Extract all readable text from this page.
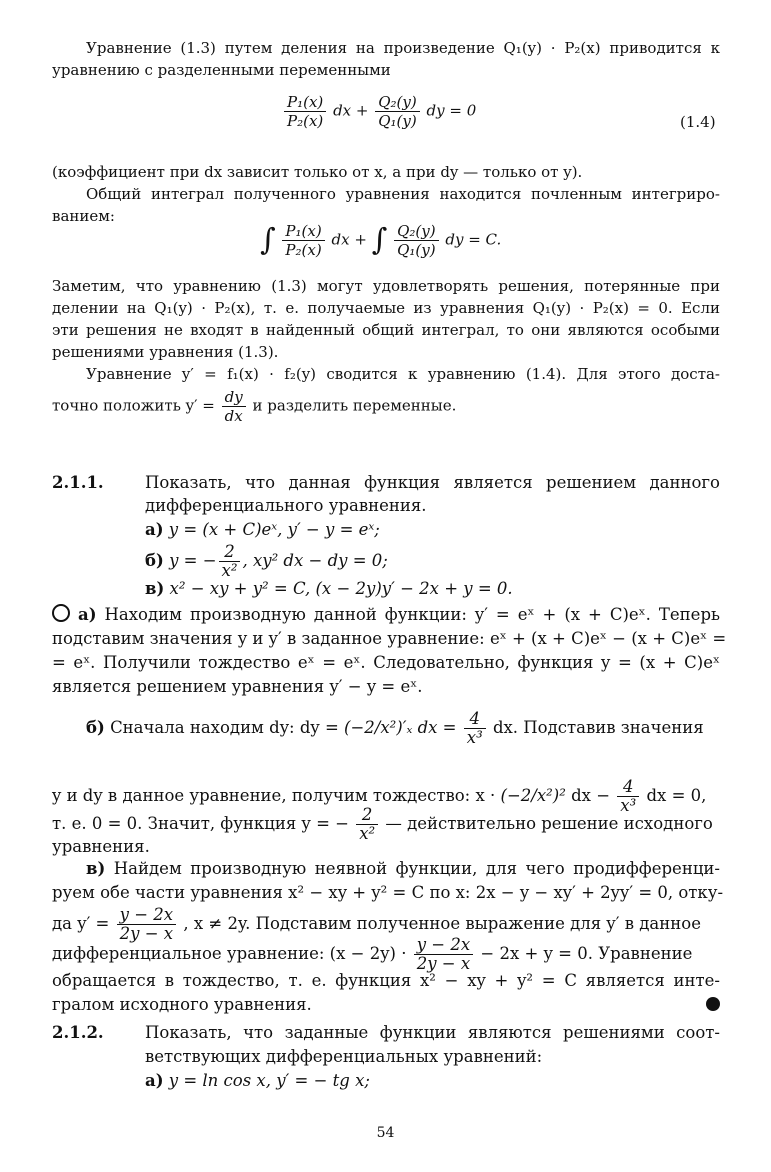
Уравнение (1.3) путем деления на произведение Q₁(y) · P₂(x) приводится к
уравнению с разделенными переменными
$\frac{\text{P₁(x)}}{\text{P₂(x)}}$ dx + $\frac{\text{Q₂(y)}}{\text{Q₁(y)}}$ dy = 0
(1.4)
(коэффициент при dx зависит только от x, а при dy — только от y).
Общий интеграл полученного уравнения находится почленным интегриро-
ванием:
∫ $\frac{\text{P₁(x)}}{\text{P₂(x)}}$ dx + ∫ $\frac{\text{Q₂(y)}}{\text{Q₁(y)}}$ dy = C.
Заметим, что уравнению (1.3) могут удовлетворять решения, потерянные при
делении на Q₁(y) · P₂(x), т. е. получаемые из уравнения Q₁(y) · P₂(x) = 0. Если
эти решения не входят в найденный общий интеграл, то они являются особыми
решениями уравнения (1.3).
Уравнение y′ = f₁(x) · f₂(y) сводится к уравнению (1.4). Для этого доста-
точно положить $y' = \frac{dy}{dx}$ и разделить переменные.
2.1.1.	Показать, что данная функция является решением данного
дифференциального уравнения.
а) y = (x + C)eˣ, y′ − y = eˣ;
б) y = − $\frac{2}{\text{x²}}$ , xy² dx − dy = 0;
в) x² − xy + y² = C, (x − 2y)y′ − 2x + y = 0.
а) Находим производную данной функции: y′ = eˣ + (x + C)eˣ. Теперь
подставим значения y и y′ в заданное уравнение: eˣ + (x + C)eˣ − (x + C)eˣ =
= eˣ. Получили тождество eˣ = eˣ. Следовательно, функция y = (x + C)eˣ
является решением уравнения y′ − y = eˣ.
б) Сначала находим dy: dy = (−2/x²)′ₓ dx = $\frac{4}{\text{x³}}$ dx. Подставив значения
y и dy в данное уравнение, получим тождество: x · (−2/x²)² dx − $\frac{4}{\text{x³}}$ dx = 0,
т. е. 0 = 0. Значит, функция y = − $\frac{2}{\text{x²}}$ — действительно решение исходного
уравнения.
в) Найдем производную неявной функции, для чего продифференци-
руем обе части уравнения x² − xy + y² = C по x: 2x − y − xy′ + 2yy′ = 0, отку-
да $y' = \frac{y - 2x}{2y - x}$ , x ≠ 2y. Подставим полученное выражение для y′ в данное
дифференциальное уравнение: $(x - 2y) \cdot \frac{y - 2x}{2y - x} - 2x + y = 0$. Уравнение
обращается в тождество, т. е. функция x² − xy + y² = C является инте-
гралом исходного уравнения.
2.1.2.	Показать, что заданные функции являются решениями соот-
ветствующих дифференциальных уравнений:
а) y = ln cos x, y′ = − tg x;
54
